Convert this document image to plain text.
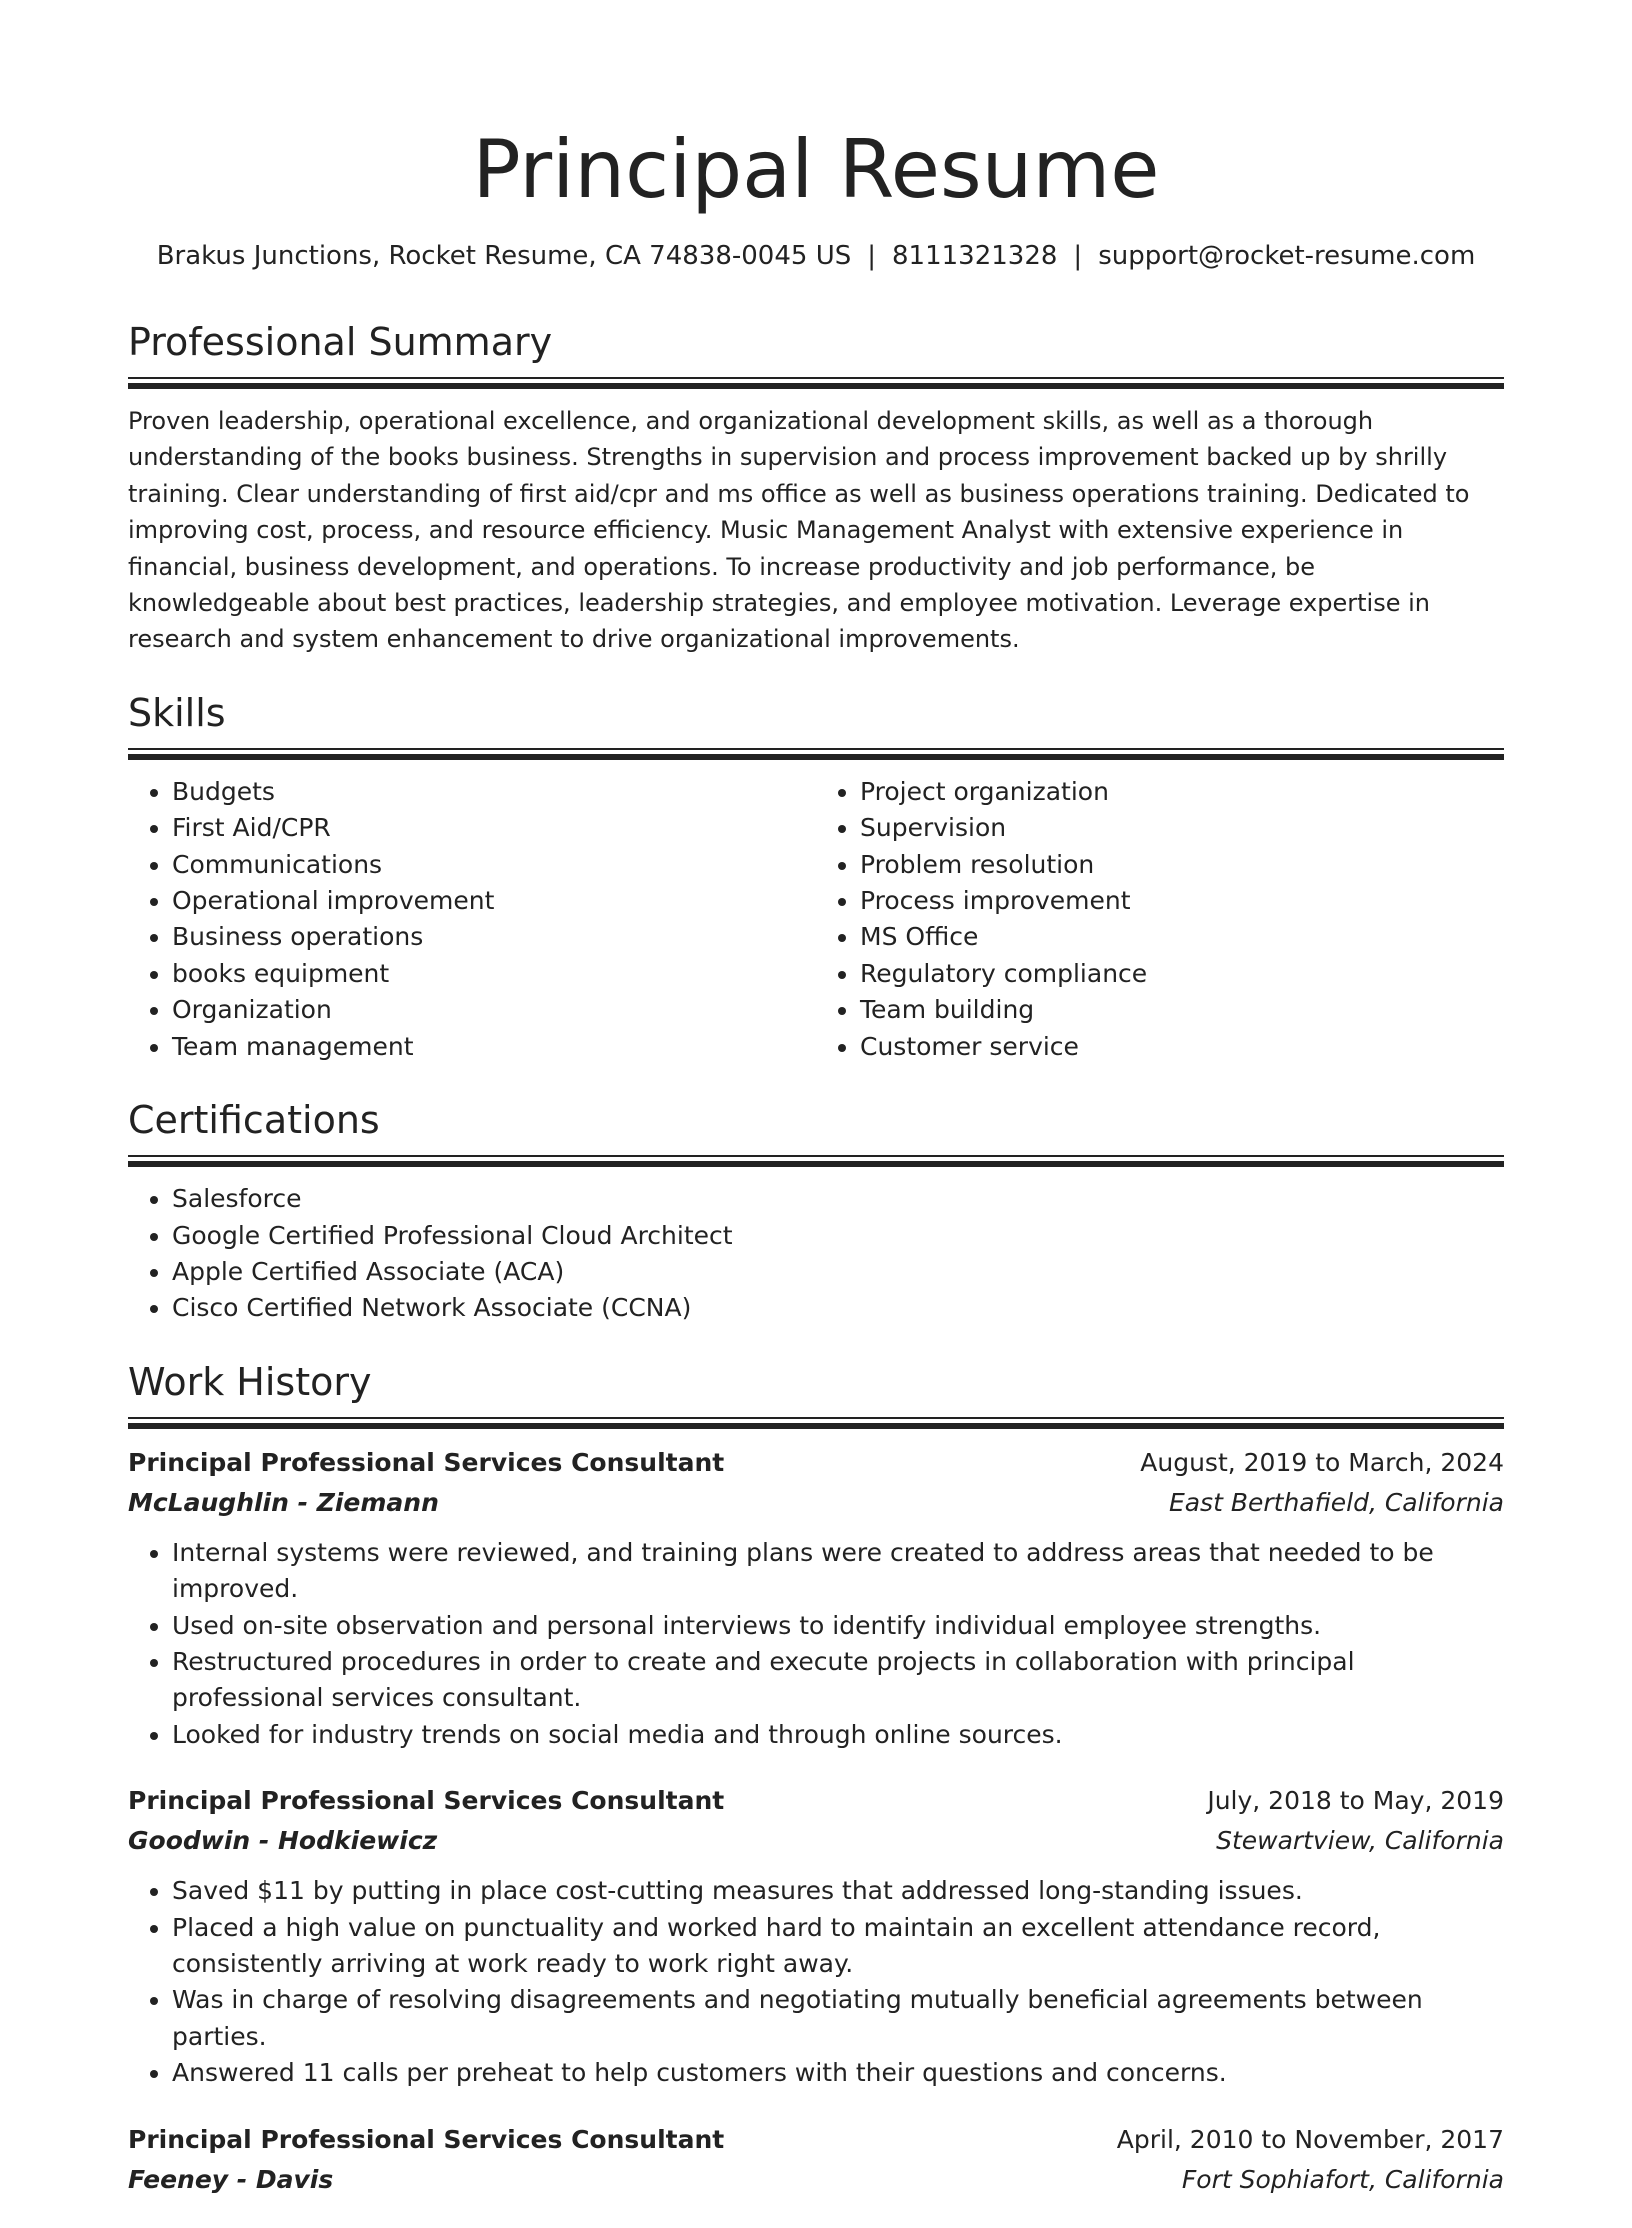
Principal Resume
Brakus Junctions, Rocket Resume, CA 74838-0045 US | 8111321328 | support@rocket-resume.com
Professional Summary

Proven leadership, operational excellence, and organizational development skills, as well as a thorough understanding of the books business. Strengths in supervision and process improvement backed up by shrilly training. Clear understanding of first aid/cpr and ms office as well as business operations training. Dedicated to improving cost, process, and resource efficiency. Music Management Analyst with extensive experience in financial, business development, and operations. To increase productivity and job performance, be knowledgeable about best practices, leadership strategies, and employee motivation. Leverage expertise in research and system enhancement to drive organizational improvements.

Skills
• Budgets
• First Aid/CPR
• Communications
• Operational improvement
• Business operations
• books equipment
• Organization
• Team management
• Project organization
• Supervision
• Problem resolution
• Process improvement
• MS Office
• Regulatory compliance
• Team building
• Customer service
Certifications
• Salesforce
• Google Certified Professional Cloud Architect
• Apple Certified Associate (ACA)
• Cisco Certified Network Associate (CCNA)
Work History
Principal Professional Services Consultant	August, 2019 to March, 2024
McLaughlin - Ziemann	East Berthafield, California
• Internal systems were reviewed, and training plans were created to address areas that needed to be improved.
• Used on-site observation and personal interviews to identify individual employee strengths.
• Restructured procedures in order to create and execute projects in collaboration with principal professional services consultant.
• Looked for industry trends on social media and through online sources.
Principal Professional Services Consultant	July, 2018 to May, 2019
Goodwin - Hodkiewicz	Stewartview, California
• Saved $11 by putting in place cost-cutting measures that addressed long-standing issues.
• Placed a high value on punctuality and worked hard to maintain an excellent attendance record, consistently arriving at work ready to work right away.
• Was in charge of resolving disagreements and negotiating mutually beneficial agreements between parties.
• Answered 11 calls per preheat to help customers with their questions and concerns.
Principal Professional Services Consultant	April, 2010 to November, 2017
Feeney - Davis	Fort Sophiafort, California
